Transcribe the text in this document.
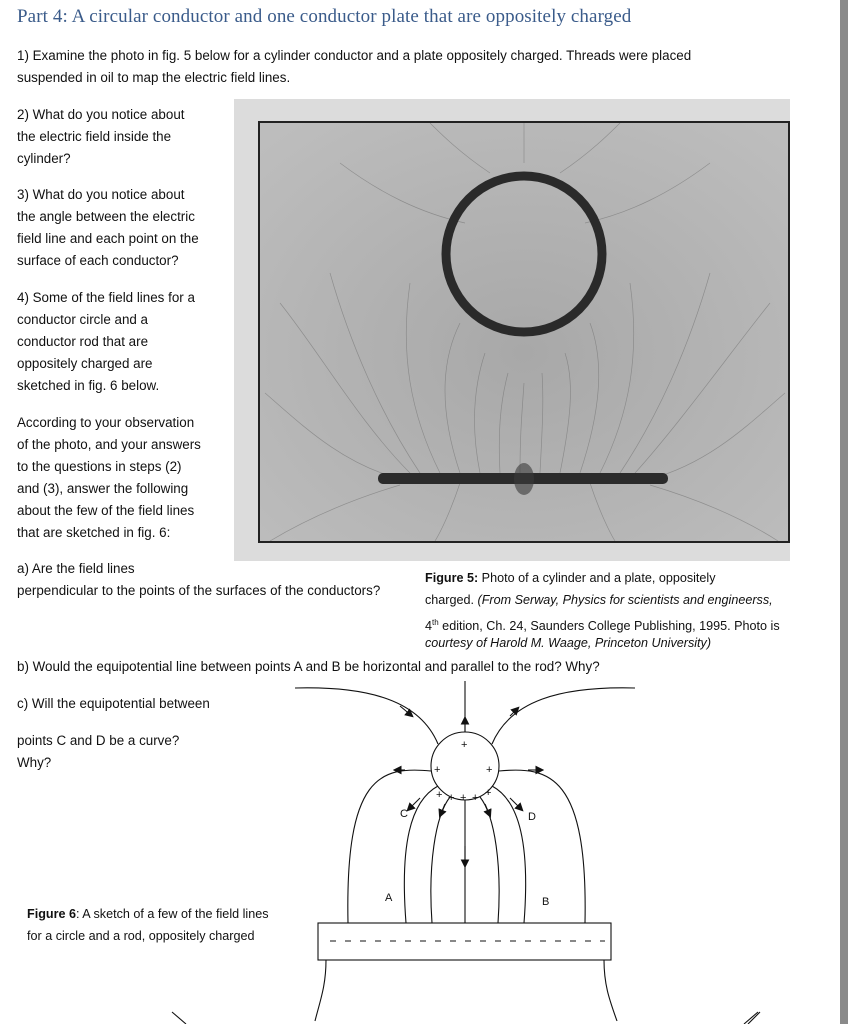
Part 4: A circular conductor and one conductor plate that are oppositely charged
1) Examine the photo in fig. 5 below for a cylinder conductor and a plate oppositely charged. Threads were placed
suspended in oil to map the electric field lines.
2) What do you notice about
the electric field inside the
cylinder?
3) What do you notice about
the angle between the electric
field line and each point on the
surface of each conductor?
4) Some of the field lines for a
conductor circle and a
conductor rod that are
oppositely charged are
sketched in fig. 6 below.
According to your observation
of the photo, and your answers
to the questions in steps (2)
and (3), answer the following
about the few of the field lines
that are sketched in fig. 6:
a) Are the field lines
perpendicular to the points of the surfaces of the conductors?
Figure 5: Photo of a cylinder and a plate, oppositely
charged. (From Serway, Physics for scientists and engineerss,
4th edition, Ch. 24, Saunders College Publishing, 1995. Photo is
courtesy of Harold M. Waage, Princeton University)
b) Would the equipotential line between points A and B be horizontal and parallel to the rod? Why?
c) Will the equipotential between
points C and D be a curve?
Why?
+
+	+
+ + + + +
C	D
A	B
Figure 6: A sketch of a few of the field lines
for a circle and a rod, oppositely charged
